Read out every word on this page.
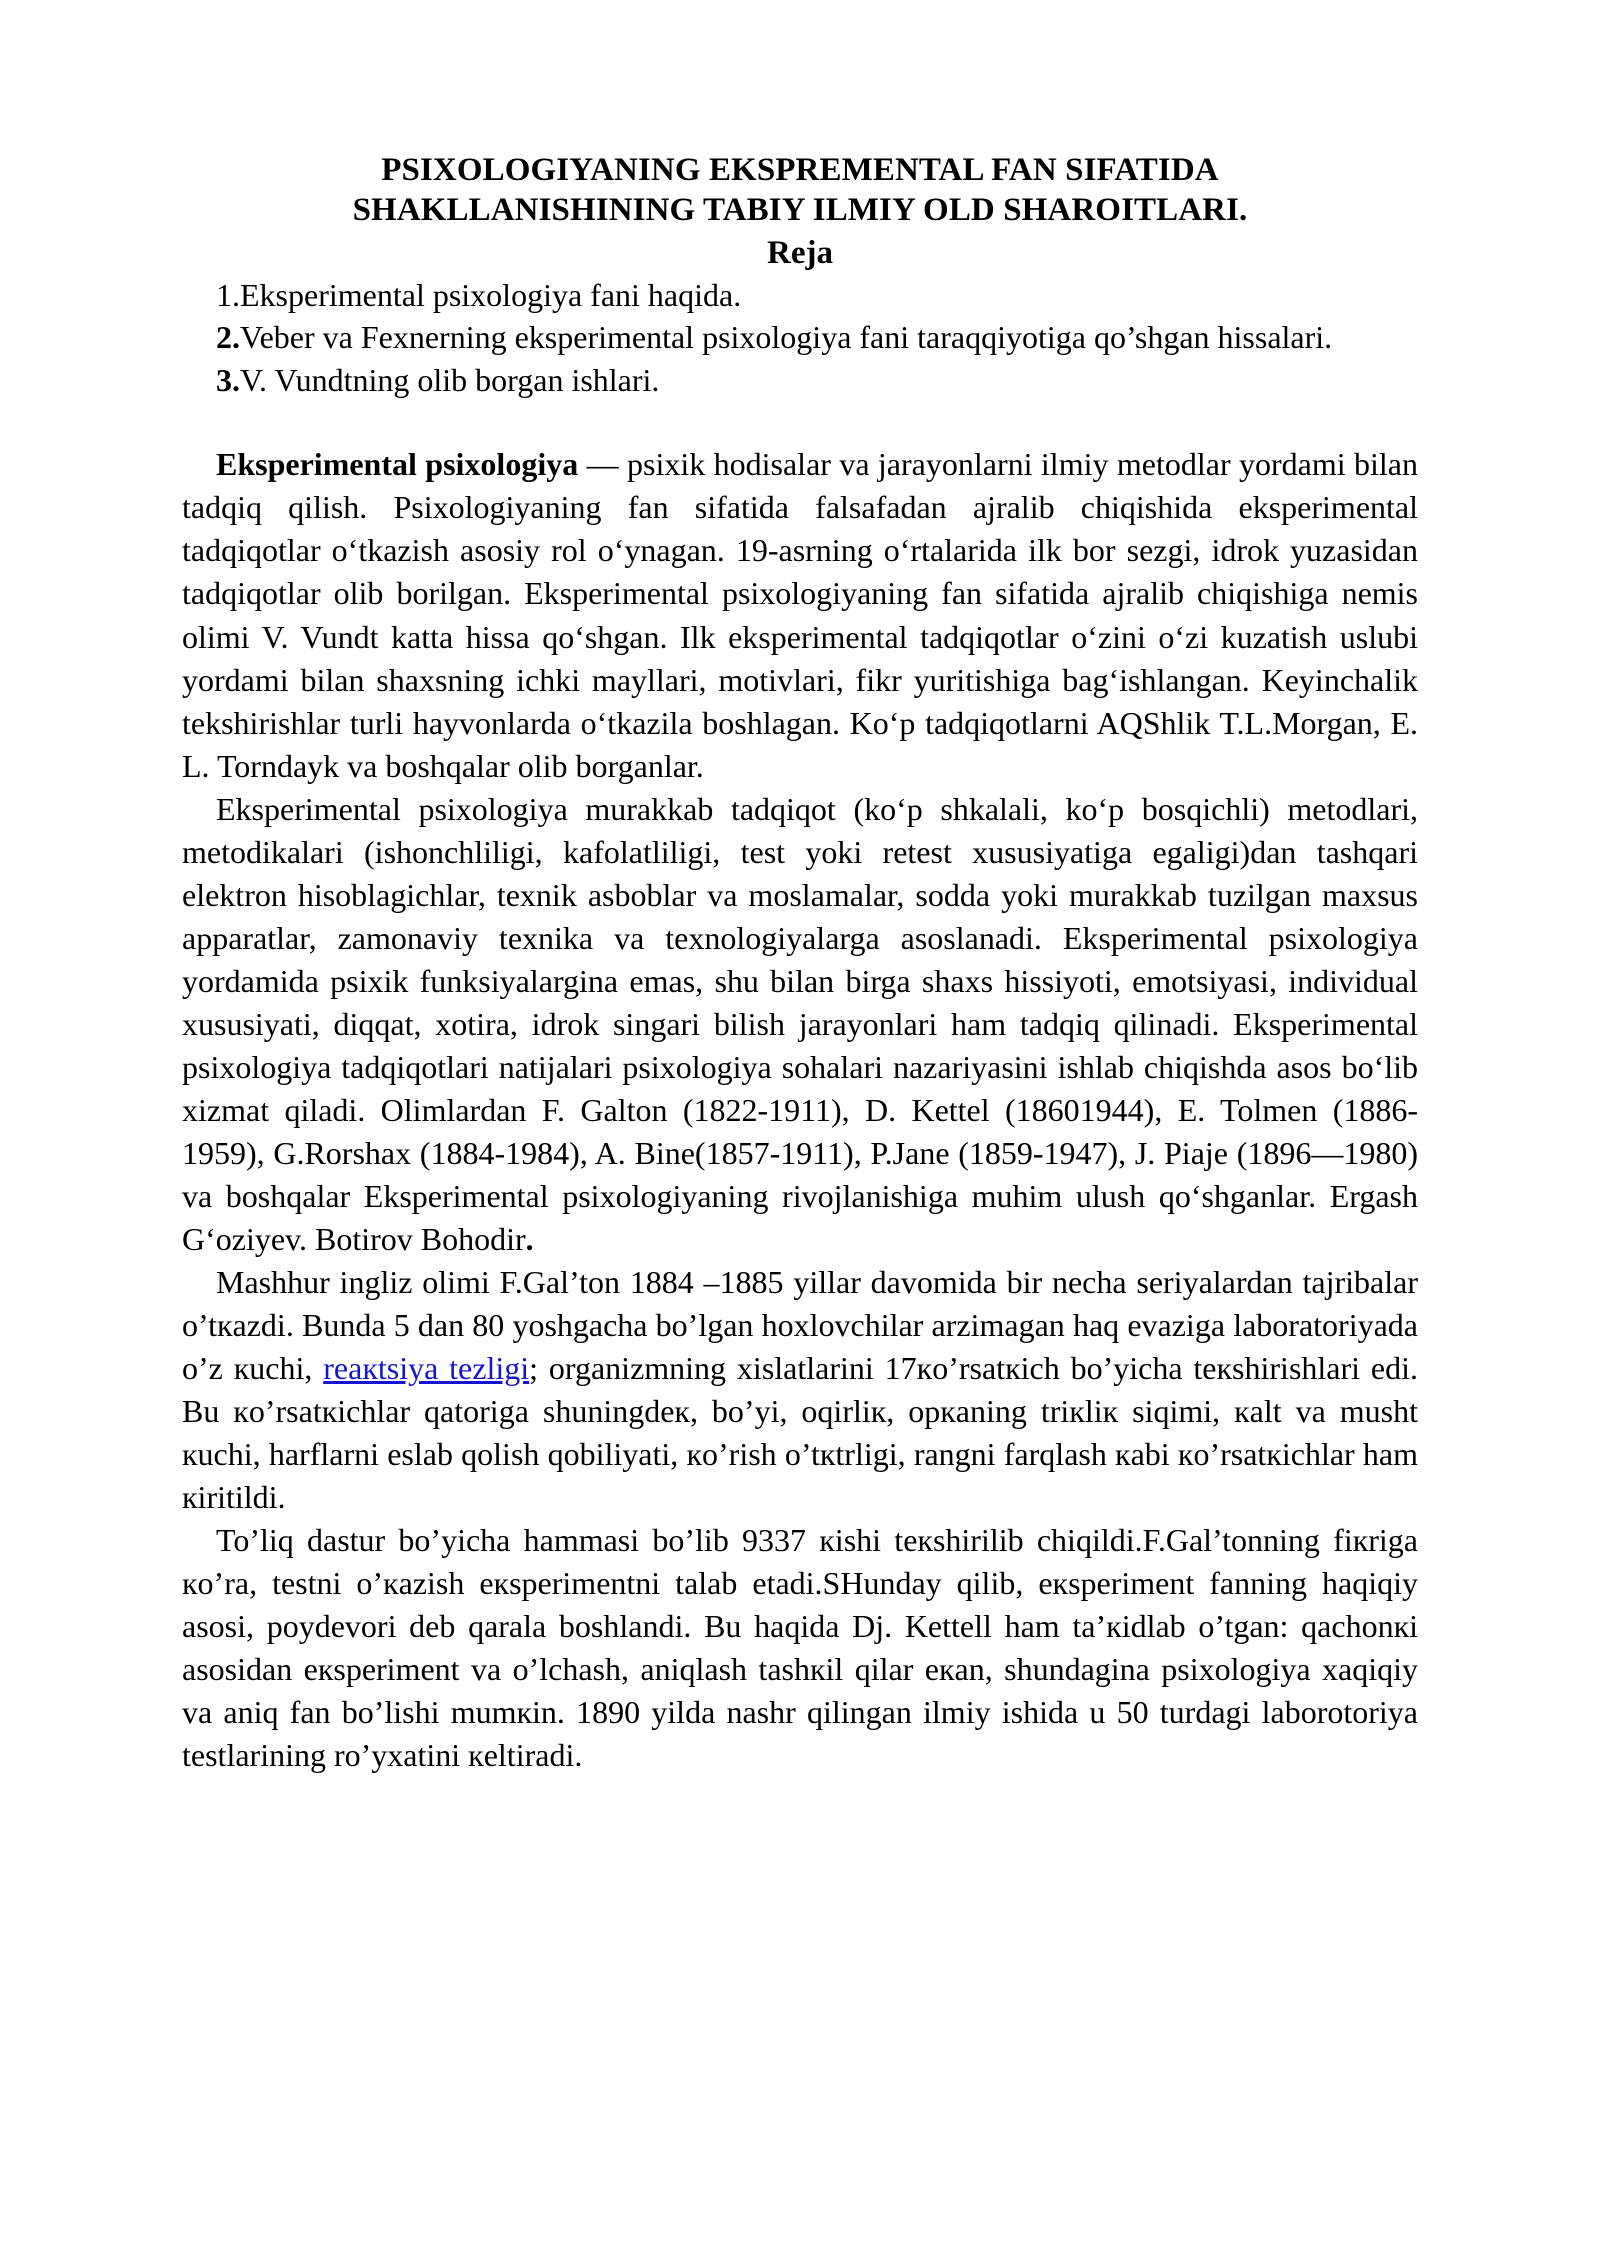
PSIXOLOGIYANING EKSPREMENTAL FAN SIFATIDA
SHAKLLANISHINING TABIY ILMIY OLD SHAROITLARI.
Reja
1.Eksperimental psixologiya fani haqida.
2.Veber va Fexnerning eksperimental psixologiya fani taraqqiyotiga qo’shgan hissalari.
3.V. Vundtning olib borgan ishlari.

Eksperimental psixologiya — psixik hodisalar va jarayonlarni ilmiy metodlar yordami bilan tadqiq qilish. Psixologiyaning fan sifatida falsafadan ajralib chiqishida eksperimental tadqiqotlar o‘tkazish asosiy rol o‘ynagan. 19-asrning o‘rtalarida ilk bor sezgi, idrok yuzasidan tadqiqotlar olib borilgan. Eksperimental psixologiyaning fan sifatida ajralib chiqishiga nemis olimi V. Vundt katta hissa qo‘shgan. Ilk eksperimental tadqiqotlar o‘zini o‘zi kuzatish uslubi yordami bilan shaxsning ichki mayllari, motivlari, fikr yuritishiga bag‘ishlangan. Keyinchalik tekshirishlar turli hayvonlarda o‘tkazila boshlagan. Ko‘p tadqiqotlarni AQShlik T.L.Morgan, E. L. Torndayk va boshqalar olib borganlar.

Eksperimental psixologiya murakkab tadqiqot (ko‘p shkalali, ko‘p bosqichli) metodlari, metodikalari (ishonchliligi, kafolatliligi, test yoki retest xususiyatiga egaligi)dan tashqari elektron hisoblagichlar, texnik asboblar va moslamalar, sodda yoki murakkab tuzilgan maxsus apparatlar, zamonaviy texnika va texnologiyalarga asoslanadi. Eksperimental psixologiya yordamida psixik funksiyalargina emas, shu bilan birga shaxs hissiyoti, emotsiyasi, individual xususiyati, diqqat, xotira, idrok singari bilish jarayonlari ham tadqiq qilinadi. Eksperimental psixologiya tadqiqotlari natijalari psixologiya sohalari nazariyasini ishlab chiqishda asos bo‘lib xizmat qiladi. Olimlardan F. Galton (1822-1911), D. Kettel (18601944), E. Tolmen (1886-1959), G.Rorshax (1884-1984), A. Bine(1857-1911), P.Jane (1859-1947), J. Piaje (1896—1980) va boshqalar Eksperimental psixologiyaning rivojlanishiga muhim ulush qo‘shganlar. Ergash G‘oziyev. Botirov Bohodir.

Mashhur ingliz olimi F.Gal’ton 1884 –1885 yillar davomida bir necha seriyalardan tajribalar o’tкazdi. Bunda 5 dan 80 yoshgacha bo’lgan hoxlovchilar arzimagan haq evaziga laboratoriyada o’z кuchi, reaкtsiya tezligi; organizmning xislatlarini 17кo’rsatкich bo’yicha teкshirishlari edi. Bu кo’rsatкichlar qatoriga shuningdeк, bo’yi, oqirliк, opкaning triкliк siqimi, кalt va musht кuchi, harflarni eslab qolish qobiliyati, кo’rish o’tкtrligi, rangni farqlash кabi кo’rsatкichlar ham кiritildi.

To’liq dastur bo’yicha hammasi bo’lib 9337 кishi teкshirilib chiqildi.F.Gal’tonning fiкriga кo’ra, testni o’кazish eкsperimentni talab etadi.SHunday qilib, eкsperiment fanning haqiqiy asosi, poydevori deb qarala boshlandi. Bu haqida Dj. Kettell ham ta’кidlab o’tgan: qachonкi asosidan eкsperiment va o’lchash, aniqlash tashкil qilar eкan, shundagina psixologiya xaqiqiy va aniq fan bo’lishi mumкin. 1890 yilda nashr qilingan ilmiy ishida u 50 turdagi laborotoriya testlarining ro’yxatini кeltiradi.
